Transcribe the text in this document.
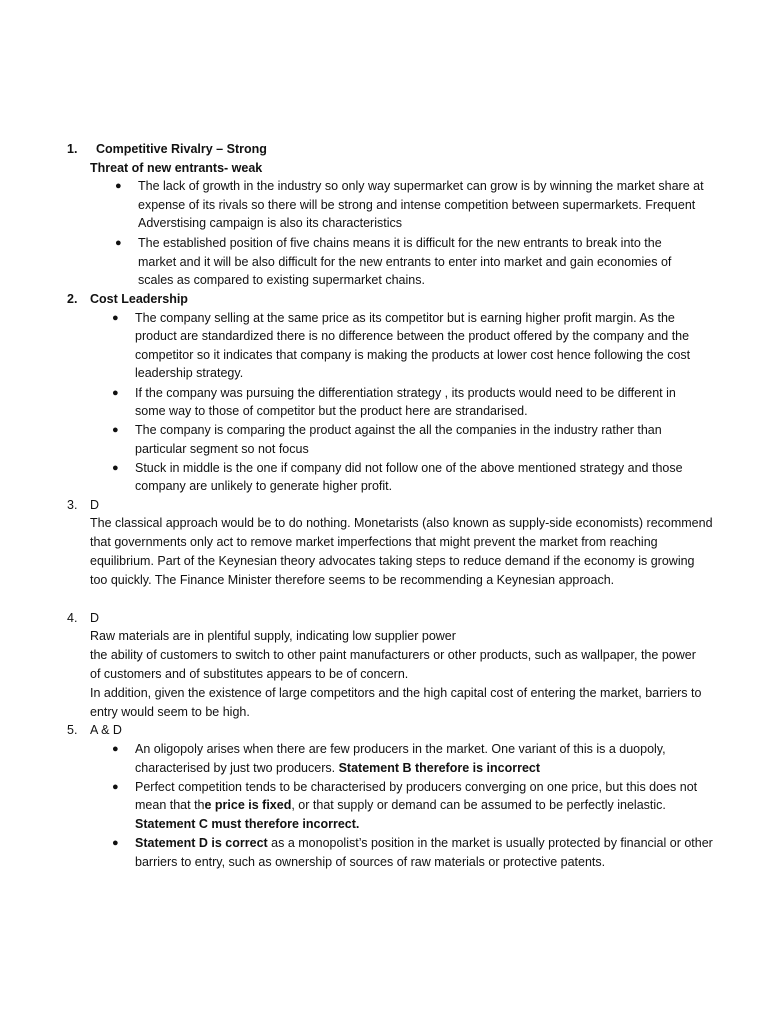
1. Competitive Rivalry – Strong
Threat of new entrants- weak
● The lack of growth in the industry so only way supermarket can grow is by winning the market share at
expense of its rivals so there will be strong and intense competition between supermarkets. Frequent
Adverstising campaign is also its characteristics
● The established position of five chains means it is difficult for the new entrants to break into the
market and it will be also difficult for the new entrants to enter into market and gain economies of
scales as compared to existing supermarket chains.
2. Cost Leadership
● The company selling at the same price as its competitor but is earning higher profit margin. As the
product are standardized there is no difference between the product offered by the company and the
competitor so it indicates that company is making the products at lower cost hence following the cost
leadership strategy.
● If the company was pursuing the differentiation strategy , its products would need to be different in
some way to those of competitor but the product here are strandarised.
● The company is comparing the product against the all the companies in the industry rather than
particular segment so not focus
● Stuck in middle is the one if company did not follow one of the above mentioned strategy and those
company are unlikely to generate higher profit.
3. D
The classical approach would be to do nothing. Monetarists (also known as supply-side economists) recommend
that governments only act to remove market imperfections that might prevent the market from reaching
equilibrium. Part of the Keynesian theory advocates taking steps to reduce demand if the economy is growing
too quickly. The Finance Minister therefore seems to be recommending a Keynesian approach.
4. D
Raw materials are in plentiful supply, indicating low supplier power
the ability of customers to switch to other paint manufacturers or other products, such as wallpaper, the power
of customers and of substitutes appears to be of concern.
In addition, given the existence of large competitors and the high capital cost of entering the market, barriers to
entry would seem to be high.
5. A & D
● An oligopoly arises when there are few producers in the market. One variant of this is a duopoly,
characterised by just two producers. Statement B therefore is incorrect
● Perfect competition tends to be characterised by producers converging on one price, but this does not
mean that the price is fixed, or that supply or demand can be assumed to be perfectly inelastic.
Statement C must therefore incorrect.
● Statement D is correct as a monopolist’s position in the market is usually protected by financial or other
barriers to entry, such as ownership of sources of raw materials or protective patents.
